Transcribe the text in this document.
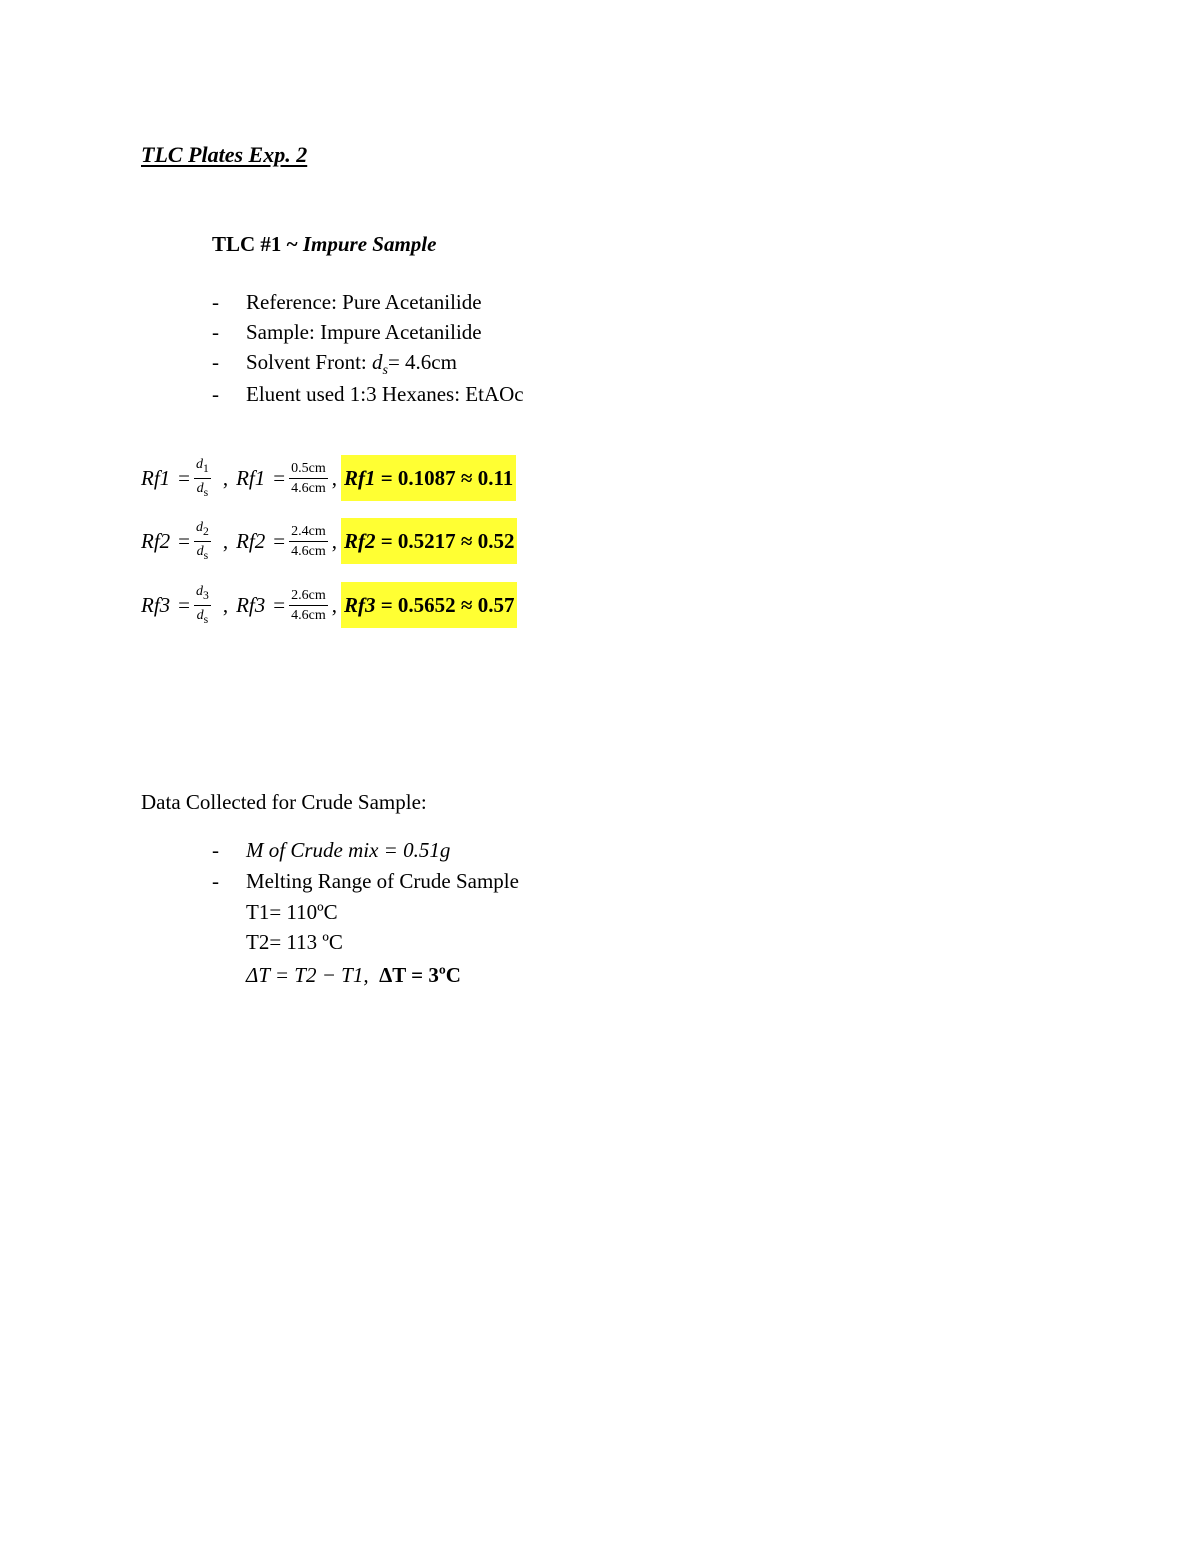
TLC Plates Exp. 2
TLC #1 ~ Impure Sample
- Reference: Pure Acetanilide
- Sample: Impure Acetanilide
- Solvent Front: $d_s= 4.6cm$
- Eluent used 1:3 Hexanes: EtAOc
$Rf1 = \frac{d_1}{d_s}$ , $Rf1 = \frac{0.5cm}{4.6cm}$ , Rf1
= 0.1087 ≈ 0.11
$Rf2 = \frac{d_2}{d_s}$ , $Rf2 = \frac{2.4cm}{4.6cm}$ , Rf2
= 0.5217 ≈ 0.52
$Rf3 = \frac{d_3}{d_s}$ , $Rf3 = \frac{2.6cm}{4.6cm}$ , Rf3
= 0.5652 ≈ 0.57
Data Collected for Crude Sample:
- M of Crude mix = 0.51g
- Melting Range of Crude Sample
T1= 110ºC
T2= 113 ºC
ΔT = T2 − T1, ΔT = 3ºC
